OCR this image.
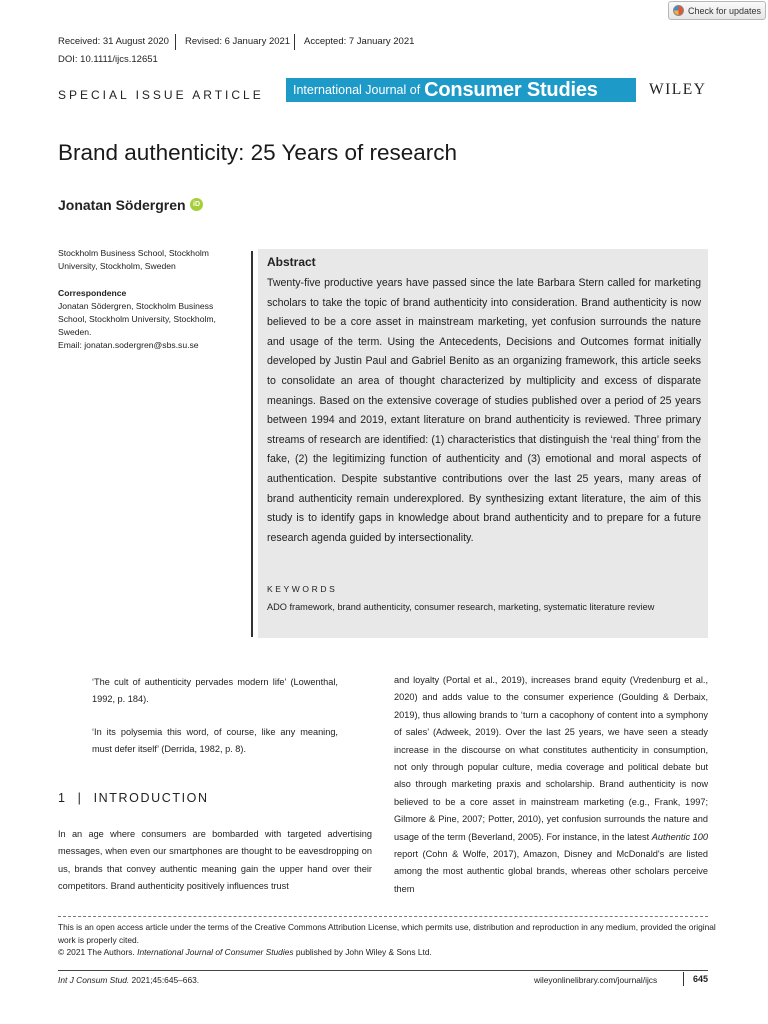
Check for updates
Received: 31 August 2020 Revised: 6 January 2021 Accepted: 7 January 2021
DOI: 10.1111/ijcs.12651
SPECIAL ISSUE ARTICLE International Journal of Consumer Studies	WILEY
Brand authenticity: 25 Years of research
Jonatan Södergren	iD
Stockholm Business School, Stockholm University, Stockholm, Sweden
Correspondence
Jonatan Södergren, Stockholm Business School, Stockholm University, Stockholm, Sweden.
Email: jonatan.sodergren@sbs.su.se
Abstract
Twenty-five productive years have passed since the late Barbara Stern called for marketing scholars to take the topic of brand authenticity into consideration. Brand authenticity is now believed to be a core asset in mainstream marketing, yet confusion surrounds the nature and usage of the term. Using the Antecedents, Decisions and Outcomes format initially developed by Justin Paul and Gabriel Benito as an organizing framework, this article seeks to consolidate an area of thought characterized by multiplicity and excess of disparate meanings. Based on the extensive coverage of studies published over a period of 25 years between 1994 and 2019, extant literature on brand authenticity is reviewed. Three primary streams of research are identified: (1) characteristics that distinguish the ‘real thing’ from the fake, (2) the legitimizing function of authenticity and (3) emotional and moral aspects of authentication. Despite substantive contributions over the last 25 years, many areas of brand authenticity remain underexplored. By synthesizing extant literature, the aim of this study is to identify gaps in knowledge about brand authenticity and to prepare for a future research agenda guided by intersectionality.
KEYWORDS
ADO framework, brand authenticity, consumer research, marketing, systematic literature review
‘The cult of authenticity pervades modern life’ (Lowenthal, 1992, p. 184).
‘In its polysemia this word, of course, like any meaning, must defer itself’ (Derrida, 1982, p. 8).
1 | INTRODUCTION
In an age where consumers are bombarded with targeted advertising messages, when even our smartphones are thought to be eavesdropping on us, brands that convey authentic meaning gain the upper hand over their competitors. Brand authenticity positively influences trust
and loyalty (Portal et al., 2019), increases brand equity (Vredenburg et al., 2020) and adds value to the consumer experience (Goulding & Derbaix, 2019), thus allowing brands to ‘turn a cacophony of content into a symphony of sales’ (Adweek, 2019). Over the last 25 years, we have seen a steady increase in the discourse on what constitutes authenticity in consumption, not only through popular culture, media coverage and political debate but also through marketing praxis and scholarship. Brand authenticity is now believed to be a core asset in mainstream marketing (e.g., Frank, 1997; Gilmore & Pine, 2007; Potter, 2010), yet confusion surrounds the nature and usage of the term (Beverland, 2005). For instance, in the latest Authentic 100 report (Cohn & Wolfe, 2017), Amazon, Disney and McDonald's are listed among the most authentic global brands, whereas other scholars perceive them
This is an open access article under the terms of the Creative Commons Attribution License, which permits use, distribution and reproduction in any medium, provided the original work is properly cited.
© 2021 The Authors. International Journal of Consumer Studies published by John Wiley & Sons Ltd.
Int J Consum Stud. 2021;45:645–663.	wileyonlinelibrary.com/journal/ijcs	645
